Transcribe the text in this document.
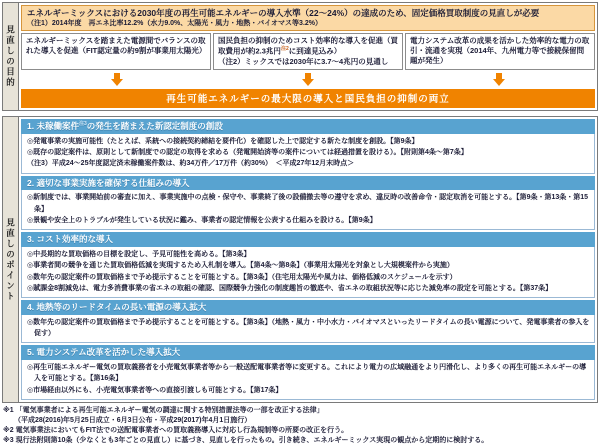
見直しの目的
エネルギーミックスにおける2030年度の再生可能エネルギーの導入水準（22〜24%）の達成のため、固定価格買取制度の見直しが必要
（注1）2014年度　再エネ比率12.2%（水力9.0%、太陽光・風力・地熱・バイオマス等3.2%）
エネルギーミックスを踏まえた電源間でバランスの取れた導入を促進（FIT認定量の約9割が事業用太陽光）
国民負担の抑制のためコスト効率的な導入を促進（買取費用が約2.3兆円$^{注2}$に到達見込み）
（注2）ミックスでは2030年に3.7〜4兆円の見通し
電力システム改革の成果を活かした効率的な電力の取引・流通を実現（2014年、九州電力等で接続保留問題が発生）
再生可能エネルギーの最大限の導入と国民負担の抑制の両立
見直しのポイント
1. 未稼働案件$^{注3}$の発生を踏まえた新認定制度の創設
◎発電事業の実施可能性（たとえば、系統への接続契約締結を要件化）を確認した上で認定する新たな制度を創設。【第9条】
◎既存の認定案件は、原則として新制度での認定の取得を求める（発電開始済等の案件については経過措置を設ける）。【附則第4条〜第7条】
（注3）平成24〜25年度認定済未稼働案件数は、約34万件／17万件（約30%）　＜平成27年12月末時点＞
2. 適切な事業実施を確保する仕組みの導入
◎新制度では、事業開始前の審査に加え、事業実施中の点検・保守や、事業終了後の設備撤去等の遵守を求め、違反時の改善命令・認定取消を可能とする。【第9条・第13条・第15条】
◎景観や安全上のトラブルが発生している状況に鑑み、事業者の認定情報を公表する仕組みを設ける。【第9条】
3. コスト効率的な導入
◎中長期的な買取価格の目標を設定し、予見可能性を高める。【第3条】
◎事業者間の競争を通じた買取価格低減を実現するため入札制を導入。【第4条〜第8条】（事業用太陽光を対象とし大規模案件から実施）
◎数年先の認定案件の買取価格まで予め提示することを可能とする。【第3条】（住宅用太陽光や風力は、価格低減のスケジュールを示す）
◎賦課金8割減免は、電力多消費事業の省エネの取組の確認、国際競争力強化の制度趣旨の徹底や、省エネの取組状況等に応じた減免率の設定を可能とする。【第37条】
4. 地熱等のリードタイムの長い電源の導入拡大
◎数年先の認定案件の買取価格まで予め提示することを可能とする。【第3条】（地熱・風力・中小水力・バイオマスといったリードタイムの長い電源について、発電事業者の参入を促す）
5. 電力システム改革を活かした導入拡大
◎再生可能エネルギー電気の買取義務者を小売電気事業者等から一般送配電事業者等に変更する。これにより電力の広域融通をより円滑化し、より多くの再生可能エネルギーの導入を可能とする。【第16条】
◎市場経由以外にも、小売電気事業者等への直接引渡しも可能とする。【第17条】
※1 「電気事業者による再生可能エネルギー電気の調達に関する特別措置法等の一部を改正する法律」
（平成28(2016)年5月25日成立・6月3日公布・平成29(2017)年4月1日施行）
※2 電気事業法においてもFIT法での送配電事業者への買取義務導入に対応し行為規制等の所要の改正を行う。
※3 現行法附則第10条（少なくとも3年ごとの見直し）に基づき、見直しを行ったもの。引き続き、エネルギーミックス実現の観点から定期的に検討する。
